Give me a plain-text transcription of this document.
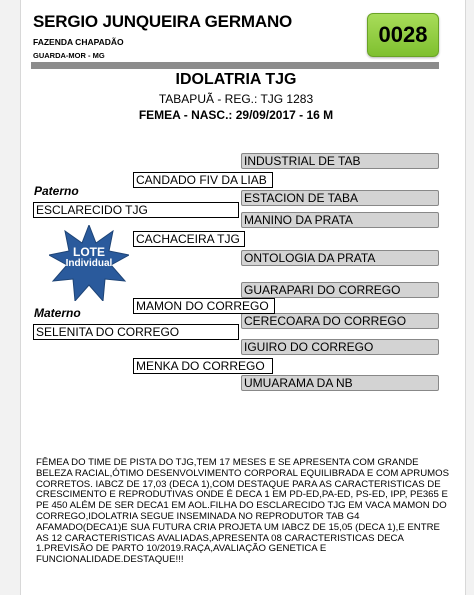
SERGIO JUNQUEIRA GERMANO
FAZENDA CHAPADÃO
GUARDA-MOR - MG
0028
IDOLATRIA TJG
TABAPUÃ - REG.: TJG 1283
FEMEA - NASC.: 29/09/2017 - 16 M
INDUSTRIAL DE TAB
ESTACION DE TABA
MANINO DA PRATA
ONTOLOGIA DA PRATA
GUARAPARI DO CORREGO
CERECOARA DO CORREGO
IGUIRO DO CORREGO
UMUARAMA DA NB
CANDADO FIV DA LIAB
CACHACEIRA TJG
MAMON DO CORREGO
MENKA DO CORREGO
Paterno
ESCLARECIDO TJG
Materno
SELENITA DO CORREGO
LOTE
Individual
FÊMEA DO TIME DE PISTA DO TJG,TEM 17 MESES E SE APRESENTA COM GRANDE BELEZA RACIAL,ÓTIMO DESENVOLVIMENTO CORPORAL EQUILIBRADA E COM APRUMOS CORRETOS. IABCZ DE 17,03 (DECA 1),COM DESTAQUE PARA AS CARACTERISTICAS DE CRESCIMENTO E REPRODUTIVAS ONDE É DECA 1 EM PD-ED,PA-ED, PS-ED, IPP, PE365 E PE 450 ALÉM DE SER DECA1 EM AOL.FILHA DO ESCLARECIDO TJG EM VACA MAMON DO CORREGO,IDOLATRIA SEGUE INSEMINADA NO REPRODUTOR TAB G4 AFAMADO(DECA1)E SUA FUTURA CRIA PROJETA UM IABCZ DE 15,05 (DECA 1),E ENTRE AS 12 CARACTERISTICAS AVALIADAS,APRESENTA 08 CARACTERISTICAS DECA 1.PREVISÃO DE PARTO 10/2019.RAÇA,AVALIAÇÃO GENETICA E FUNCIONALIDADE.DESTAQUE!!!
